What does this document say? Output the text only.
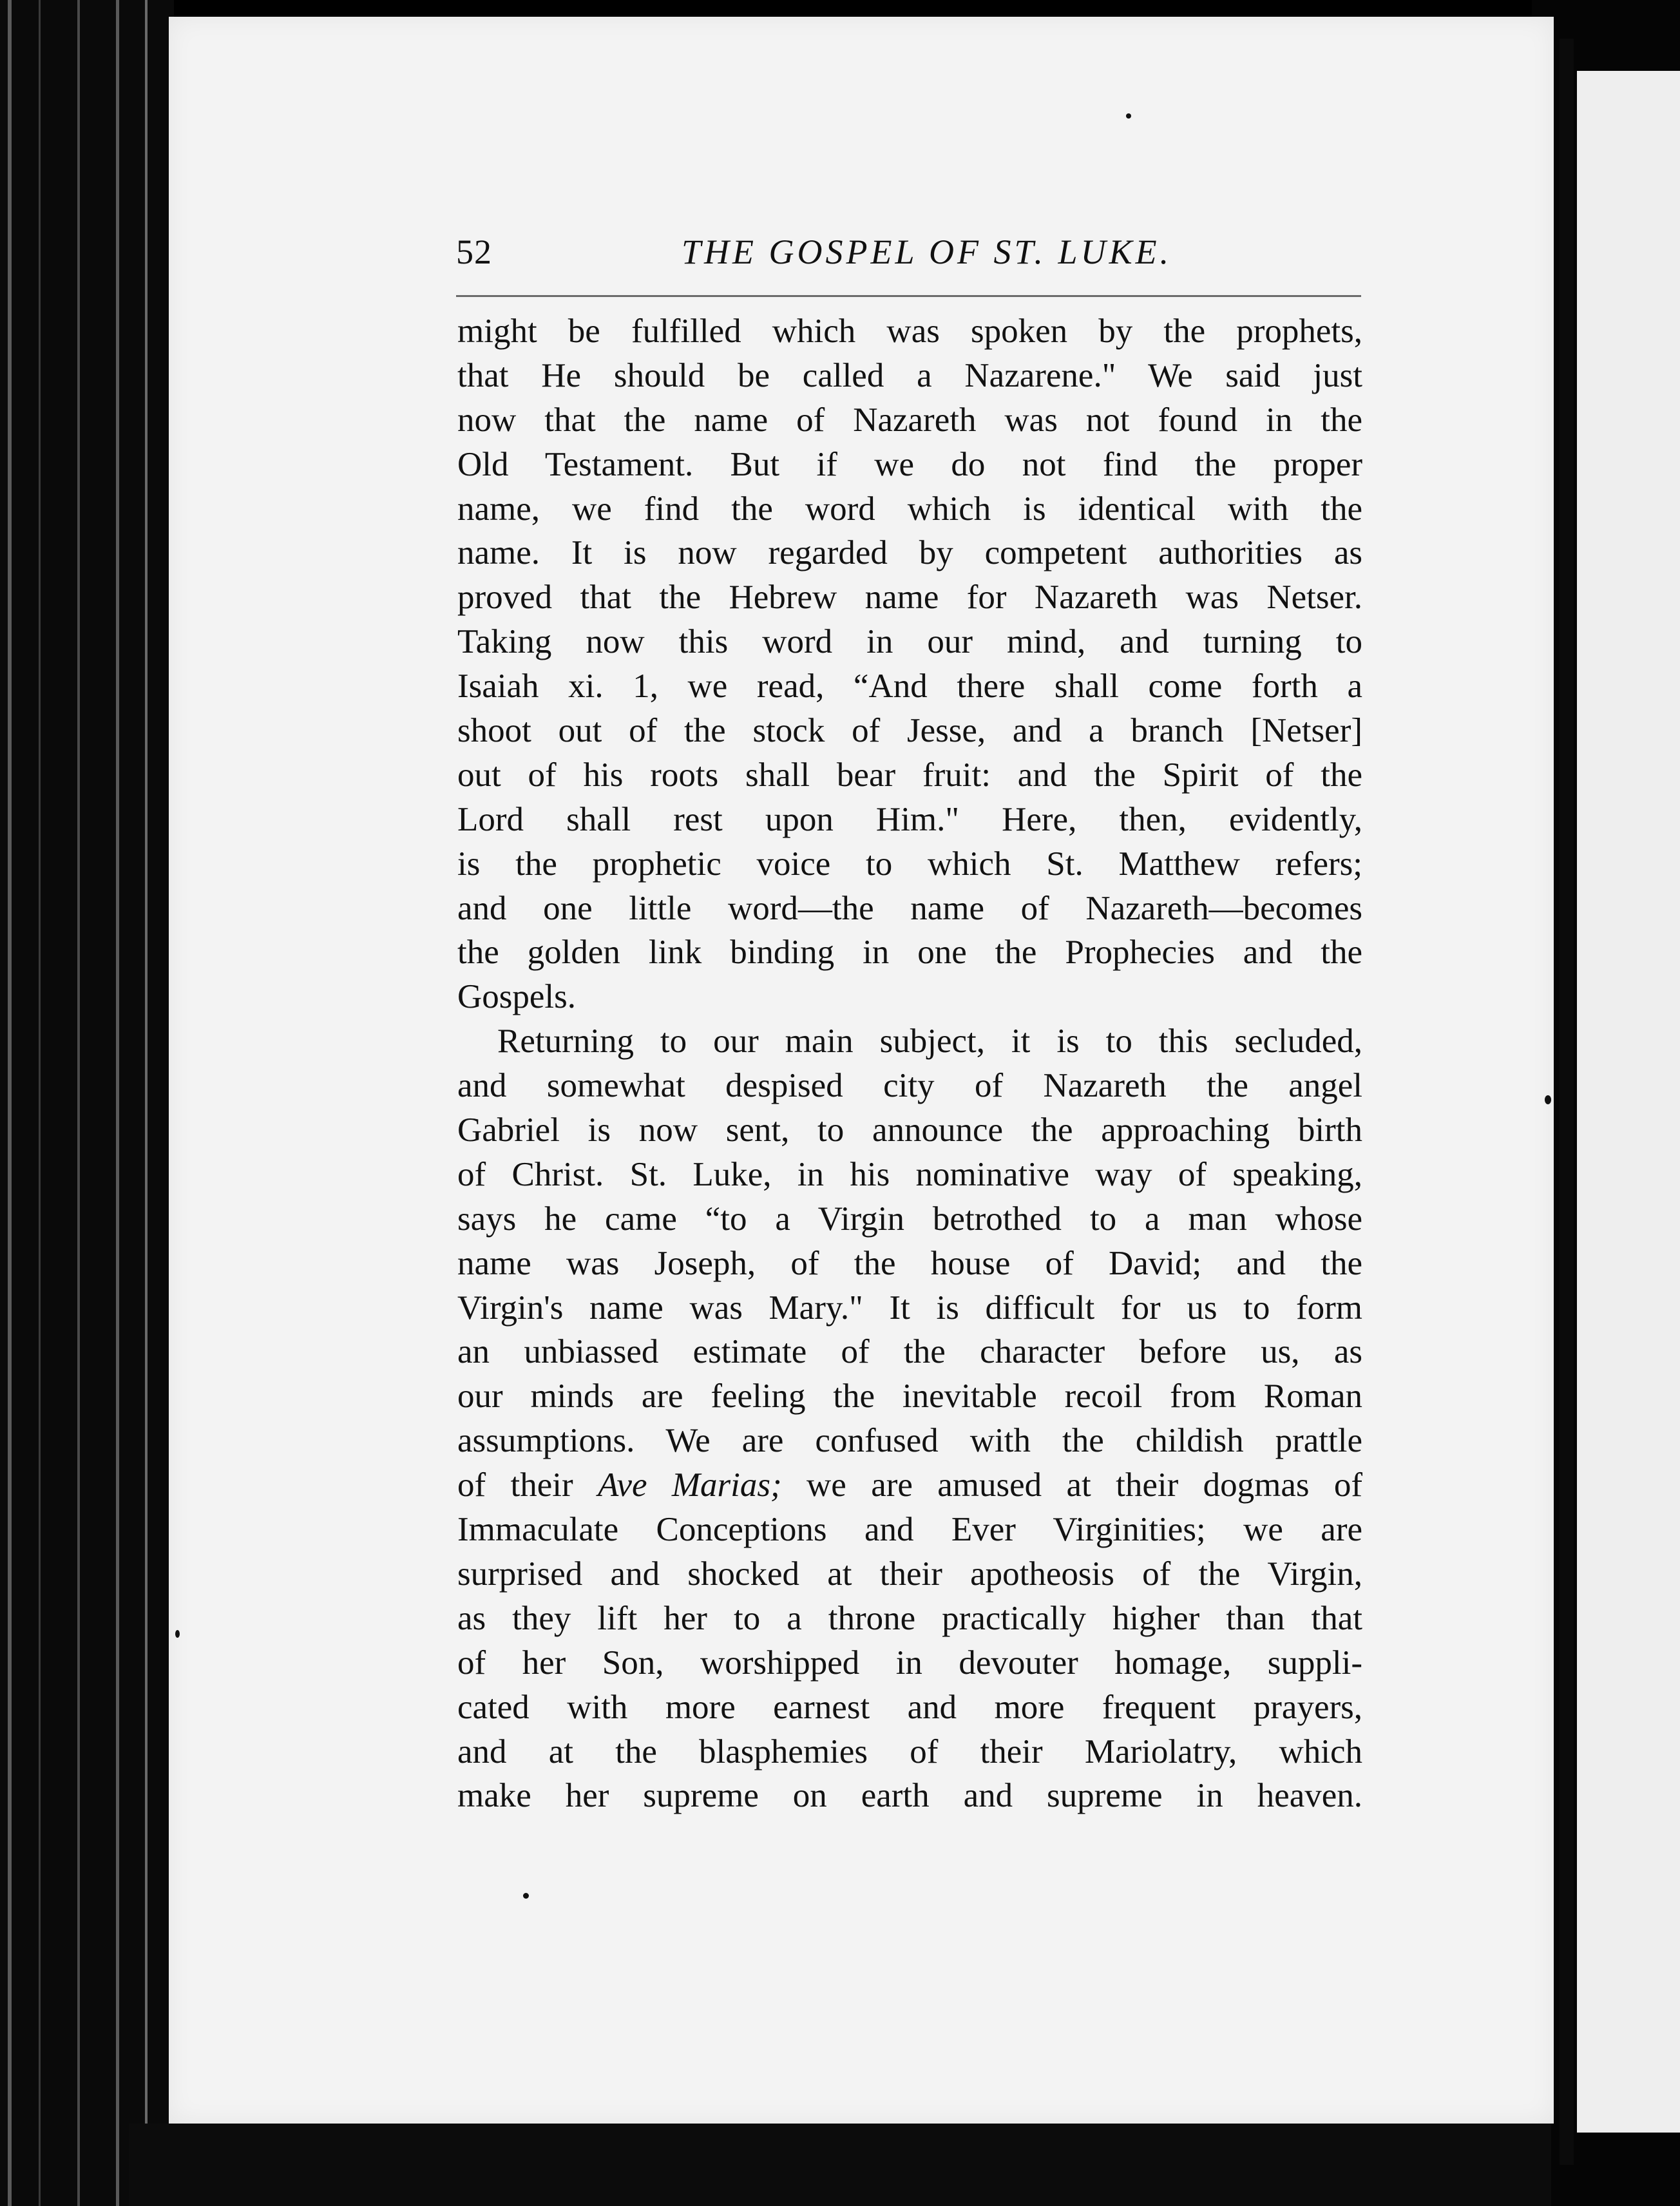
52	THE GOSPEL OF ST. LUKE.
might be fulfilled which was spoken by the prophets,
that He should be called a Nazarene." We said just
now that the name of Nazareth was not found in the
Old Testament. But if we do not find the proper
name, we find the word which is identical with the
name. It is now regarded by competent authorities as
proved that the Hebrew name for Nazareth was Netser.
Taking now this word in our mind, and turning to
Isaiah xi. 1, we read, “And there shall come forth a
shoot out of the stock of Jesse, and a branch [Netser]
out of his roots shall bear fruit: and the Spirit of the
Lord shall rest upon Him." Here, then, evidently,
is the prophetic voice to which St. Matthew refers;
and one little word—the name of Nazareth—becomes
the golden link binding in one the Prophecies and the
Gospels.
Returning to our main subject, it is to this secluded,
and somewhat despised city of Nazareth the angel
Gabriel is now sent, to announce the approaching birth
of Christ. St. Luke, in his nominative way of speaking,
says he came “to a Virgin betrothed to a man whose
name was Joseph, of the house of David; and the
Virgin's name was Mary." It is difficult for us to form
an unbiassed estimate of the character before us, as
our minds are feeling the inevitable recoil from Roman
assumptions. We are confused with the childish prattle
of their Ave Marias; we are amused at their dogmas of
Immaculate Conceptions and Ever Virginities; we are
surprised and shocked at their apotheosis of the Virgin,
as they lift her to a throne practically higher than that
of her Son, worshipped in devouter homage, suppli-
cated with more earnest and more frequent prayers,
and at the blasphemies of their Mariolatry, which
make her supreme on earth and supreme in heaven.
